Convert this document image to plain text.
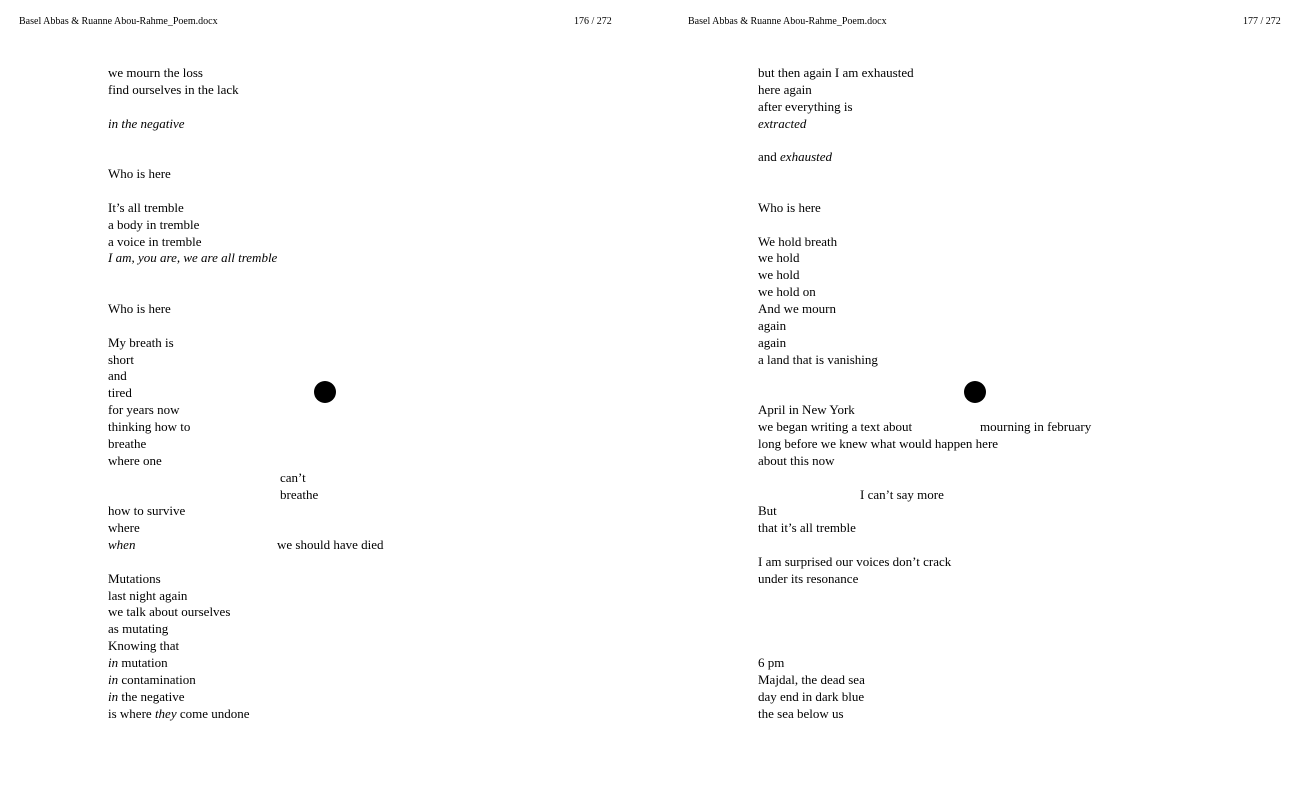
Basel Abbas & Ruanne Abou-Rahme_Poem.docx	176 / 272
we mourn the loss
find ourselves in the lack
in the negative
Who is here
It’s all tremble
a body in tremble
a voice in tremble
I am, you are, we are all tremble
Who is here
My breath is
short
and
tired
for years now
thinking how to
breathe
where one
can’t
breathe
how to survive
where
when	we should have died
Mutations
last night again
we talk about ourselves
as mutating
Knowing that
in mutation
in contamination
in the negative
is where they come undone
Basel Abbas & Ruanne Abou-Rahme_Poem.docx	177 / 272
but then again I am exhausted
here again
after everything is
extracted
and exhausted
Who is here
We hold breath
we hold
we hold
we hold on
And we mourn
again
again
a land that is vanishing
April in New York
we began writing a text about	mourning in february
long before we knew what would happen here
about this now
I can’t say more
But
that it’s all tremble
I am surprised our voices don’t crack
under its resonance
6 pm
Majdal, the dead sea
day end in dark blue
the sea below us
